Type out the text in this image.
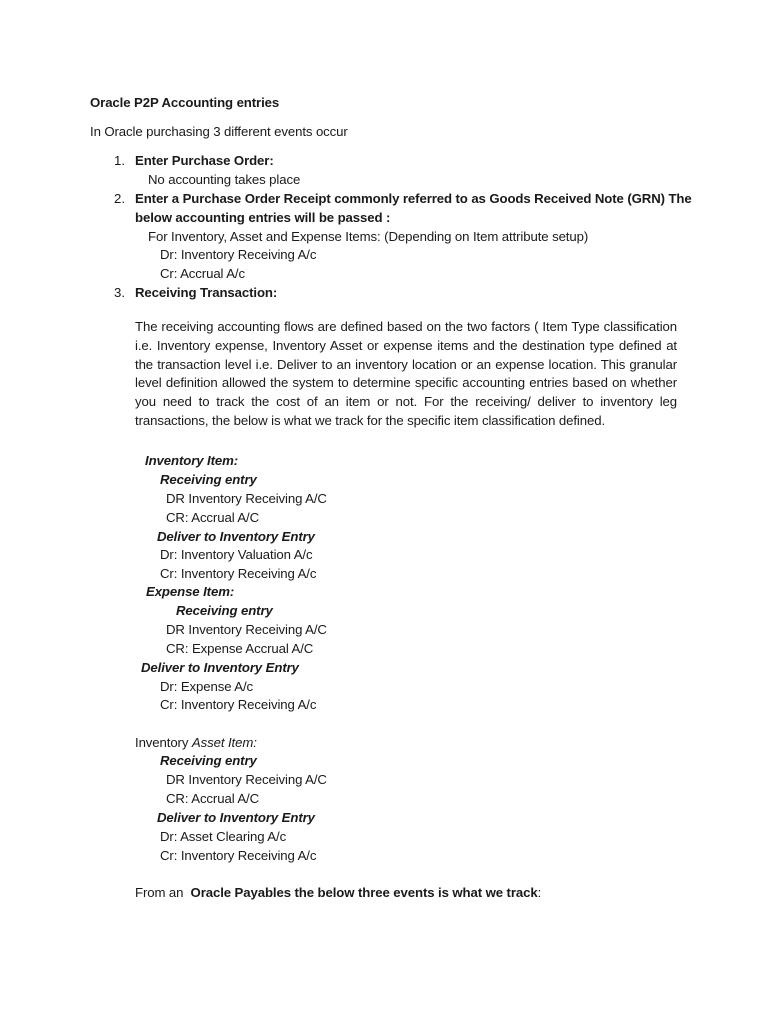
Oracle P2P Accounting entries
In Oracle purchasing 3 different events occur
1. Enter Purchase Order:
No accounting takes place
2. Enter a Purchase Order Receipt commonly referred to as Goods Received Note (GRN) The
below accounting entries will be passed :
For Inventory, Asset and Expense Items: (Depending on Item attribute setup)
Dr: Inventory Receiving A/c
Cr: Accrual A/c
3. Receiving Transaction:
The receiving accounting flows are defined based on the two factors ( Item Type classification i.e. Inventory expense, Inventory Asset or expense items and the destination type defined at the transaction level i.e. Deliver to an inventory location or an expense location. This granular level definition allowed the system to determine specific accounting entries based on whether you need to track the cost of an item or not. For the receiving/ deliver to inventory leg transactions, the below is what we track for the specific item classification defined.
Inventory Item:
Receiving entry
DR Inventory Receiving A/C
CR: Accrual A/C
Deliver to Inventory Entry
Dr: Inventory Valuation A/c
Cr: Inventory Receiving A/c
Expense Item:
Receiving entry
DR Inventory Receiving A/C
CR: Expense Accrual A/C
Deliver to Inventory Entry
Dr: Expense A/c
Cr: Inventory Receiving A/c
Inventory Asset Item:
Receiving entry
DR Inventory Receiving A/C
CR: Accrual A/C
Deliver to Inventory Entry
Dr: Asset Clearing A/c
Cr: Inventory Receiving A/c
From an  Oracle Payables the below three events is what we track:
